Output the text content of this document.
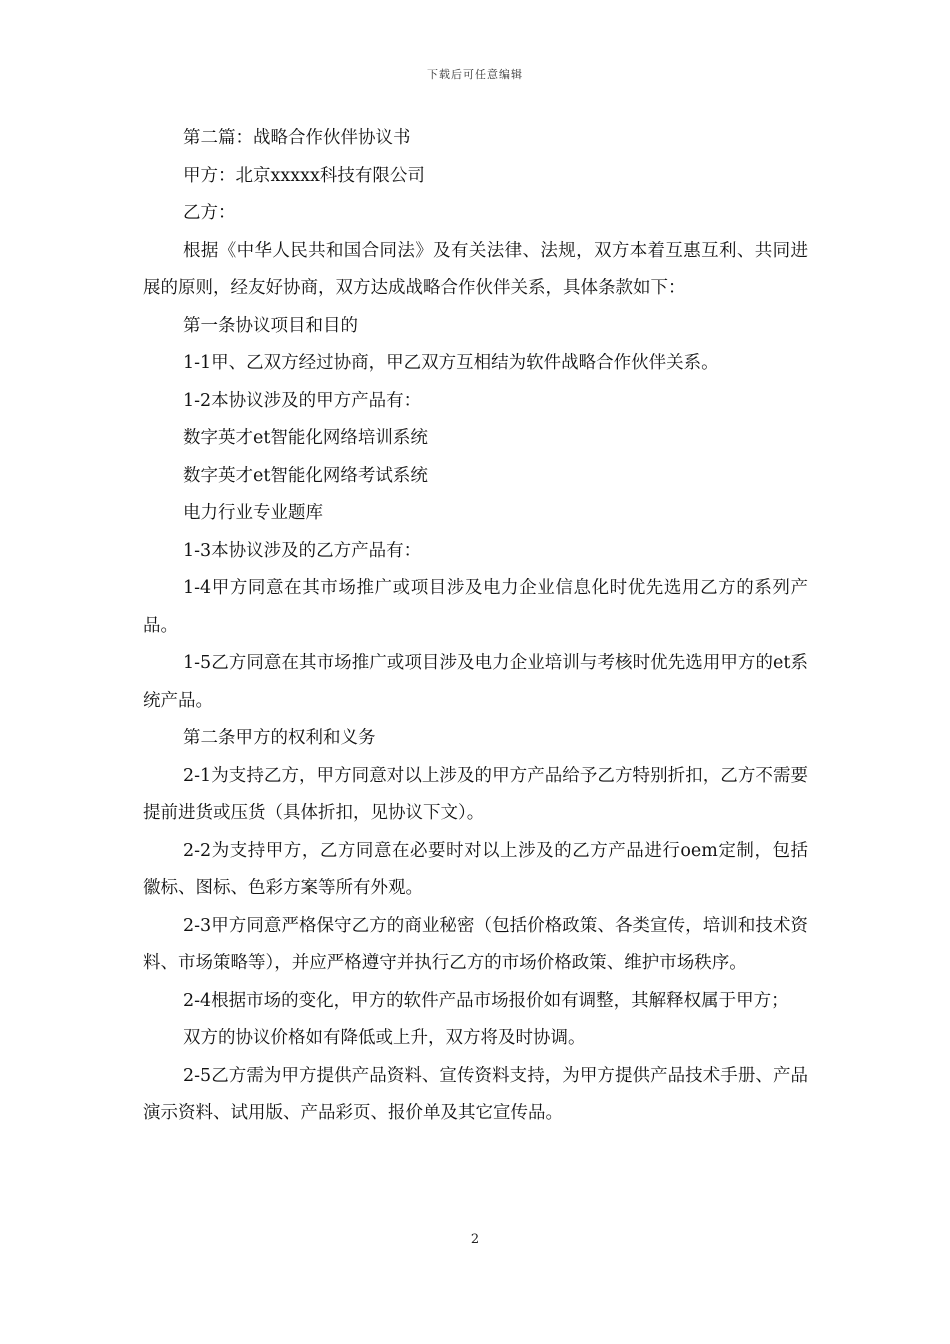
下载后可任意编辑

第二篇：战略合作伙伴协议书

甲方：北京xxxxx科技有限公司

乙方：

根据《中华人民共和国合同法》及有关法律、法规，双方本着互惠互利、共同进展的原则，经友好协商，双方达成战略合作伙伴关系，具体条款如下：

第一条协议项目和目的

1-1甲、乙双方经过协商，甲乙双方互相结为软件战略合作伙伴关系。

1-2本协议涉及的甲方产品有：

数字英才et智能化网络培训系统

数字英才et智能化网络考试系统

电力行业专业题库

1-3本协议涉及的乙方产品有：

1-4甲方同意在其市场推广或项目涉及电力企业信息化时优先选用乙方的系列产品。

1-5乙方同意在其市场推广或项目涉及电力企业培训与考核时优先选用甲方的et系统产品。

第二条甲方的权利和义务

2-1为支持乙方，甲方同意对以上涉及的甲方产品给予乙方特别折扣，乙方不需要提前进货或压货（具体折扣，见协议下文）。

2-2为支持甲方，乙方同意在必要时对以上涉及的乙方产品进行oem定制，包括徽标、图标、色彩方案等所有外观。

2-3甲方同意严格保守乙方的商业秘密（包括价格政策、各类宣传，培训和技术资料、市场策略等），并应严格遵守并执行乙方的市场价格政策、维护市场秩序。

2-4根据市场的变化，甲方的软件产品市场报价如有调整，其解释权属于甲方；

双方的协议价格如有降低或上升，双方将及时协调。

2-5乙方需为甲方提供产品资料、宣传资料支持，为甲方提供产品技术手册、产品演示资料、试用版、产品彩页、报价单及其它宣传品。

2
